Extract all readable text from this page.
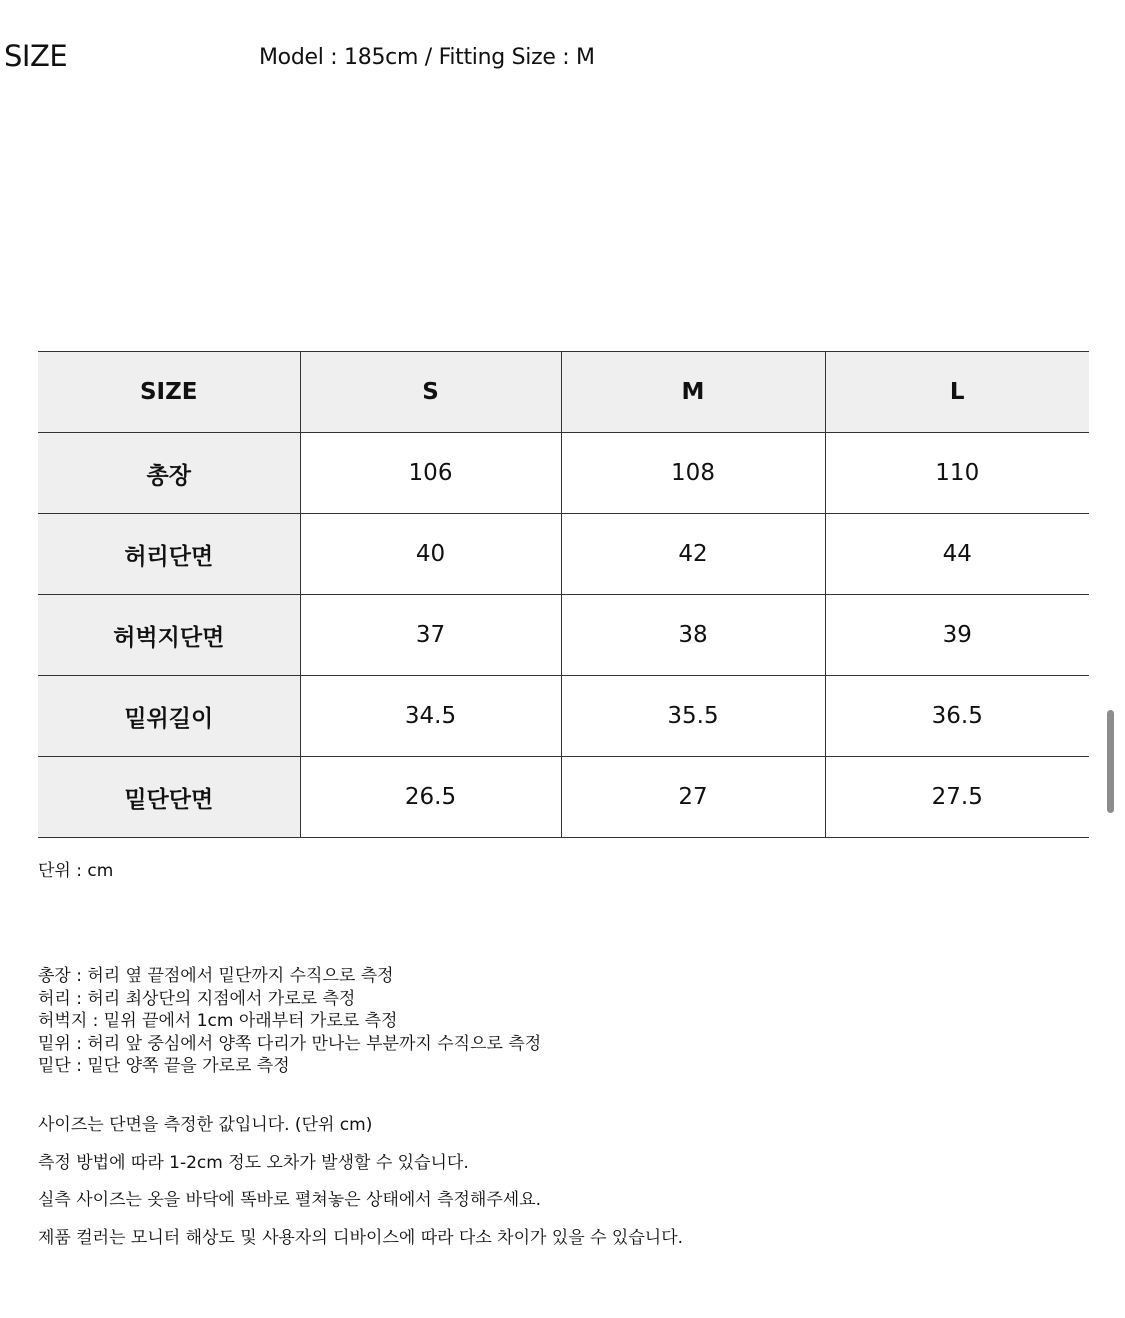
SIZE	Model : 185cm / Fitting Size : M
SIZE	S	M	L
총장	106	108	110
허리단면	40	42	44
허벅지단면	37	38	39
밑위길이	34.5	35.5	36.5
밑단단면	26.5	27	27.5
단위 : cm
총장 : 허리 옆 끝점에서 밑단까지 수직으로 측정
허리 : 허리 최상단의 지점에서 가로로 측정
허벅지 : 밑위 끝에서 1cm 아래부터 가로로 측정
밑위 : 허리 앞 중심에서 양쪽 다리가 만나는 부분까지 수직으로 측정
밑단 : 밑단 양쪽 끝을 가로로 측정
사이즈는 단면을 측정한 값입니다. (단위 cm)
측정 방법에 따라 1-2cm 정도 오차가 발생할 수 있습니다.
실측 사이즈는 옷을 바닥에 똑바로 펼쳐놓은 상태에서 측정해주세요.
제품 컬러는 모니터 해상도 및 사용자의 디바이스에 따라 다소 차이가 있을 수 있습니다.
